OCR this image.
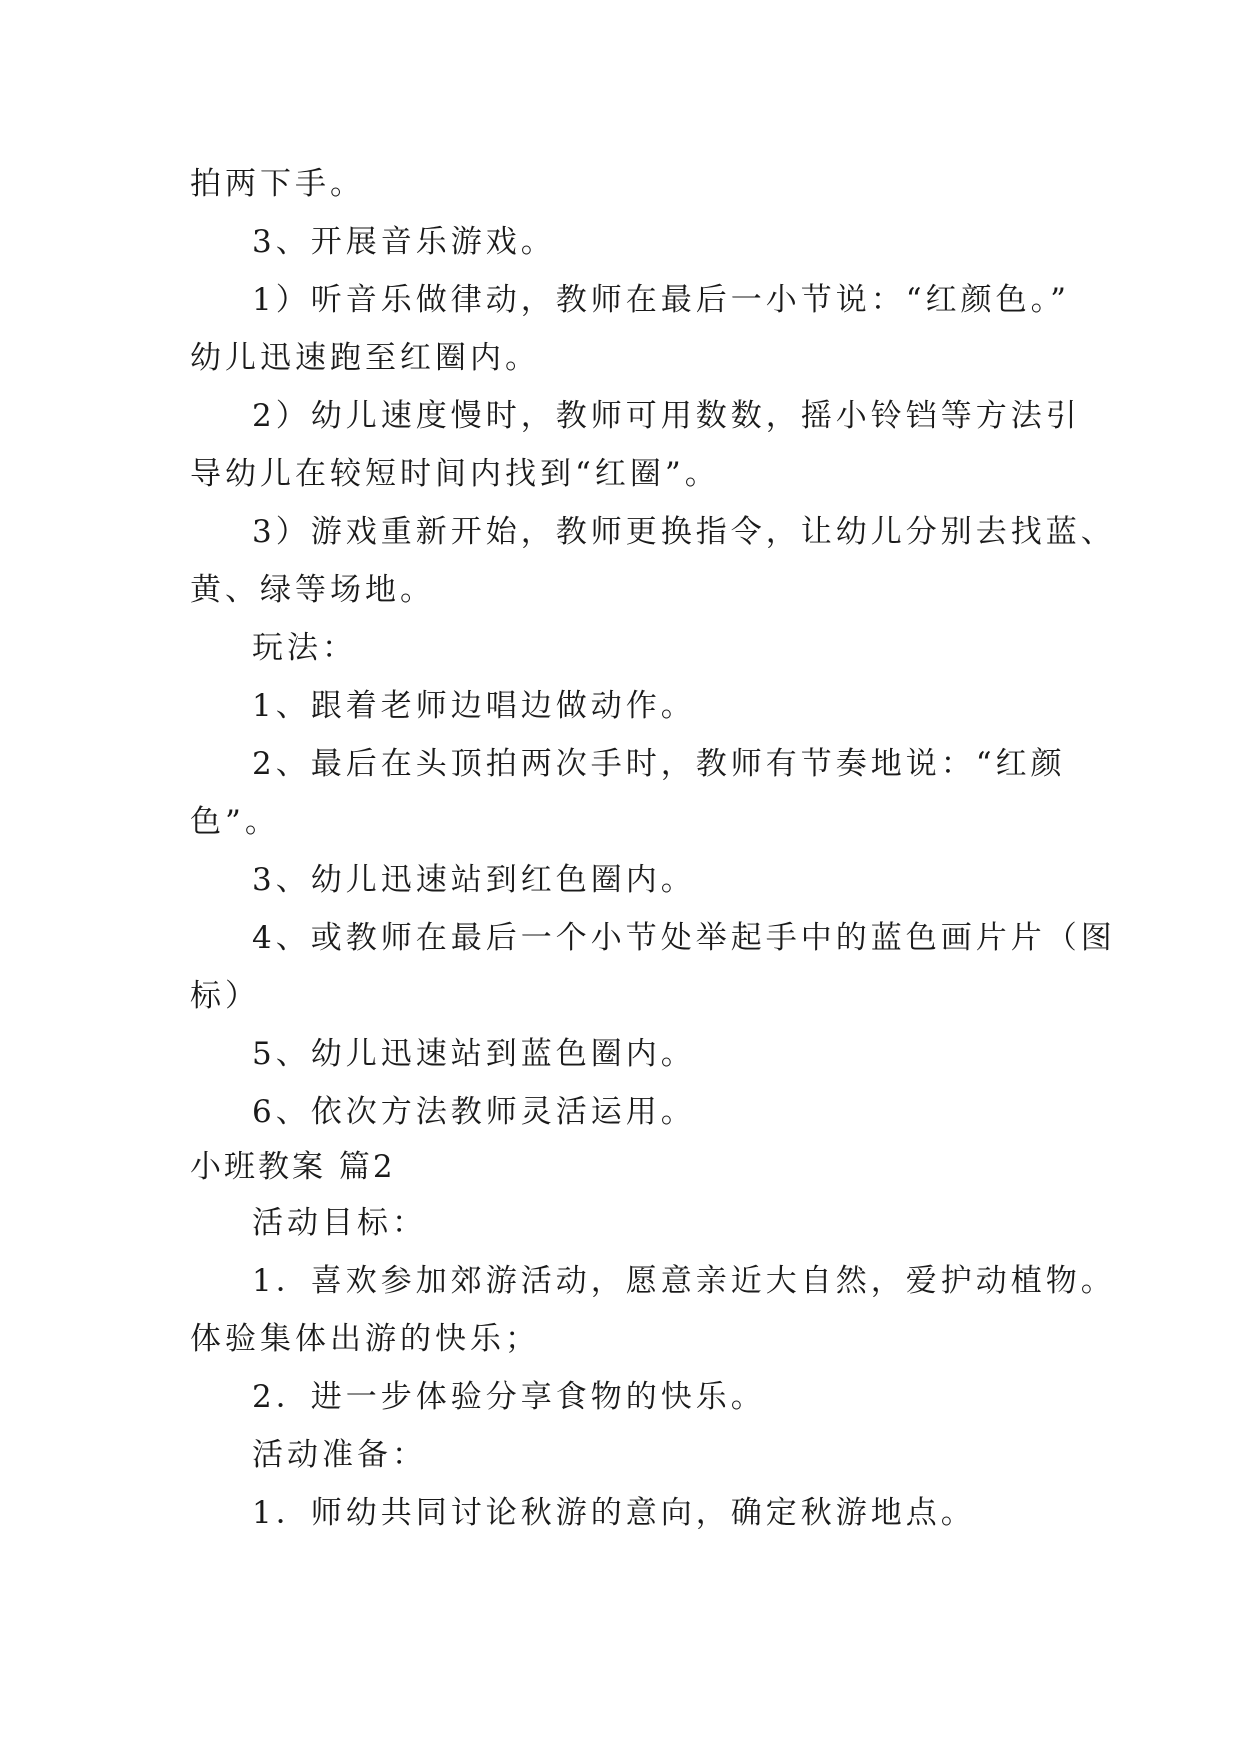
拍两下手。
3、开展音乐游戏。
1）听音乐做律动，教师在最后一小节说：“红颜色。”
幼儿迅速跑至红圈内。
2）幼儿速度慢时，教师可用数数，摇小铃铛等方法引
导幼儿在较短时间内找到“红圈”。
3）游戏重新开始，教师更换指令，让幼儿分别去找蓝、
黄、绿等场地。
玩法：
1、跟着老师边唱边做动作。
2、最后在头顶拍两次手时，教师有节奏地说：“红颜
色”。
3、幼儿迅速站到红色圈内。
4、或教师在最后一个小节处举起手中的蓝色画片片（图
标）
5、幼儿迅速站到蓝色圈内。
6、依次方法教师灵活运用。
小班教案 篇2
活动目标：
1．喜欢参加郊游活动，愿意亲近大自然，爱护动植物。
体验集体出游的快乐；
2．进一步体验分享食物的快乐。
活动准备：
1．师幼共同讨论秋游的意向，确定秋游地点。
